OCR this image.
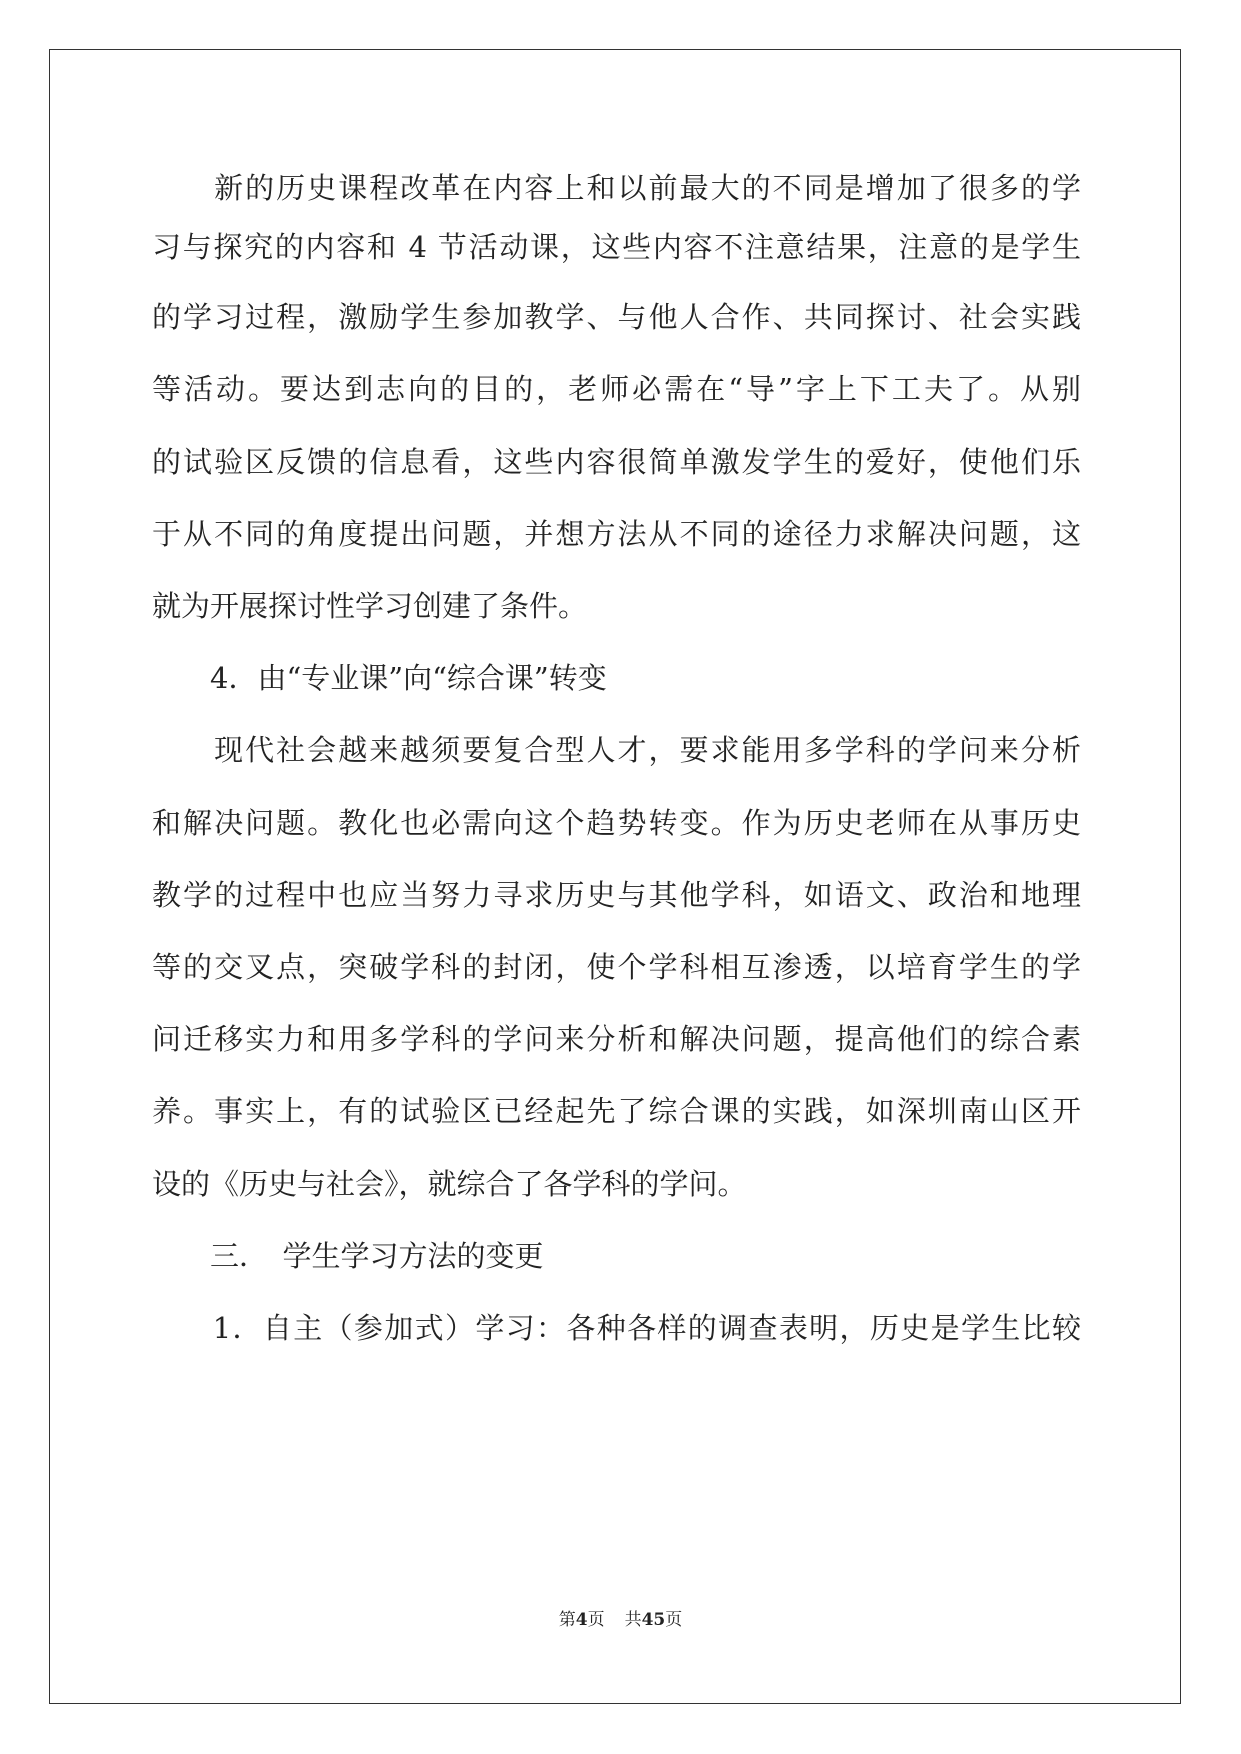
　　新的历史课程改革在内容上和以前最大的不同是增加了很多的学
习与探究的内容和 4 节活动课，这些内容不注意结果，注意的是学生
的学习过程，激励学生参加教学、与他人合作、共同探讨、社会实践
等活动。要达到志向的目的，老师必需在“导”字上下工夫了。从别
的试验区反馈的信息看，这些内容很简单激发学生的爱好，使他们乐
于从不同的角度提出问题，并想方法从不同的途径力求解决问题，这
就为开展探讨性学习创建了条件。
　　4．由“专业课”向“综合课”转变
　　现代社会越来越须要复合型人才，要求能用多学科的学问来分析
和解决问题。教化也必需向这个趋势转变。作为历史老师在从事历史
教学的过程中也应当努力寻求历史与其他学科，如语文、政治和地理
等的交叉点，突破学科的封闭，使个学科相互渗透，以培育学生的学
问迁移实力和用多学科的学问来分析和解决问题，提高他们的综合素
养。事实上，有的试验区已经起先了综合课的实践，如深圳南山区开
设的《历史与社会》，就综合了各学科的学问。
　　三．　学生学习方法的变更
　　1．自主（参加式）学习：各种各样的调查表明，历史是学生比较
第4页 共45页
